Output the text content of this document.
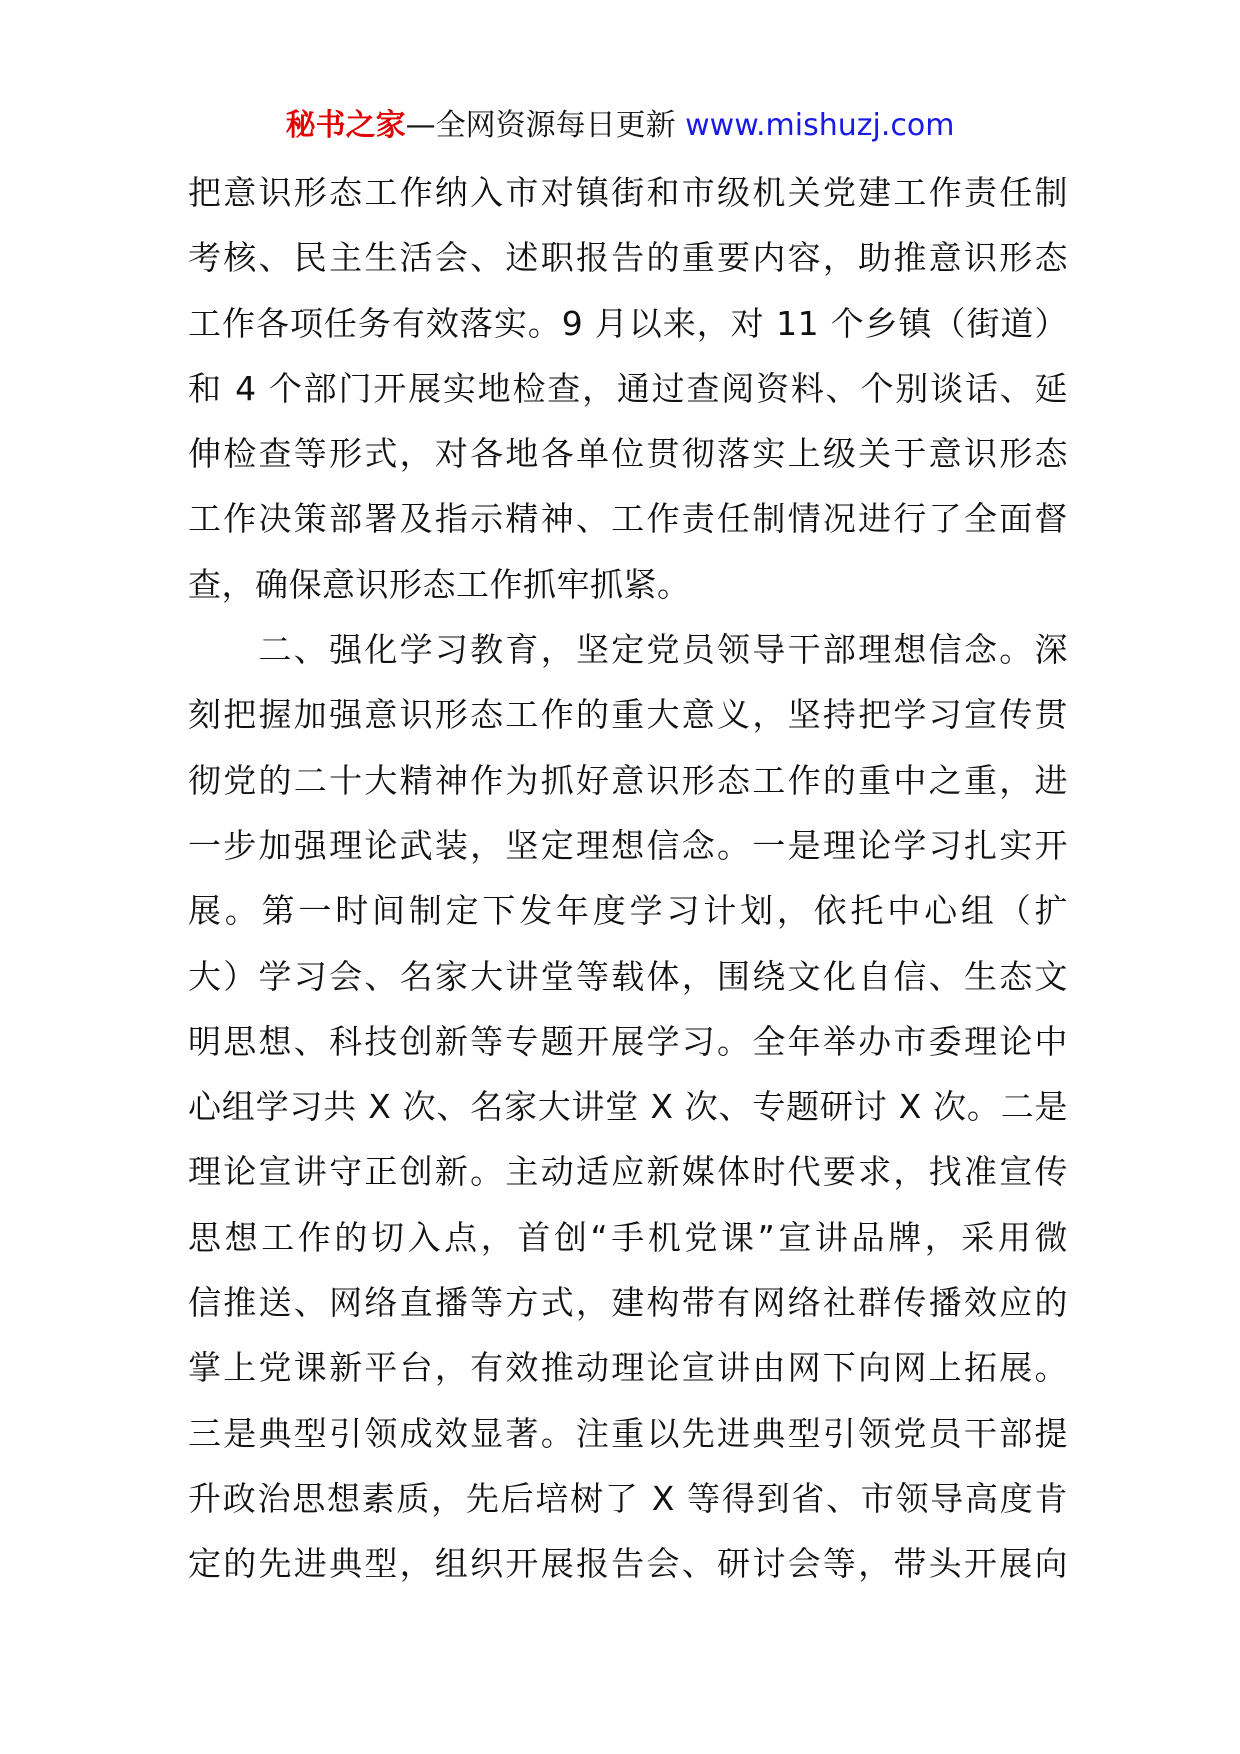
秘书之家—全网资源每日更新 www.mishuzj.com
把意识形态工作纳入市对镇街和市级机关党建工作责任制
考核、民主生活会、述职报告的重要内容，助推意识形态
工作各项任务有效落实。9 月以来，对 11 个乡镇（街道）
和 4 个部门开展实地检查，通过查阅资料、个别谈话、延
伸检查等形式，对各地各单位贯彻落实上级关于意识形态
工作决策部署及指示精神、工作责任制情况进行了全面督
查，确保意识形态工作抓牢抓紧。
　　二、强化学习教育，坚定党员领导干部理想信念。深
刻把握加强意识形态工作的重大意义，坚持把学习宣传贯
彻党的二十大精神作为抓好意识形态工作的重中之重，进
一步加强理论武装，坚定理想信念。一是理论学习扎实开
展。第一时间制定下发年度学习计划，依托中心组（扩
大）学习会、名家大讲堂等载体，围绕文化自信、生态文
明思想、科技创新等专题开展学习。全年举办市委理论中
心组学习共 X 次、名家大讲堂 X 次、专题研讨 X 次。二是
理论宣讲守正创新。主动适应新媒体时代要求，找准宣传
思想工作的切入点，首创“手机党课”宣讲品牌，采用微
信推送、网络直播等方式，建构带有网络社群传播效应的
掌上党课新平台，有效推动理论宣讲由网下向网上拓展。
三是典型引领成效显著。注重以先进典型引领党员干部提
升政治思想素质，先后培树了 X 等得到省、市领导高度肯
定的先进典型，组织开展报告会、研讨会等，带头开展向
